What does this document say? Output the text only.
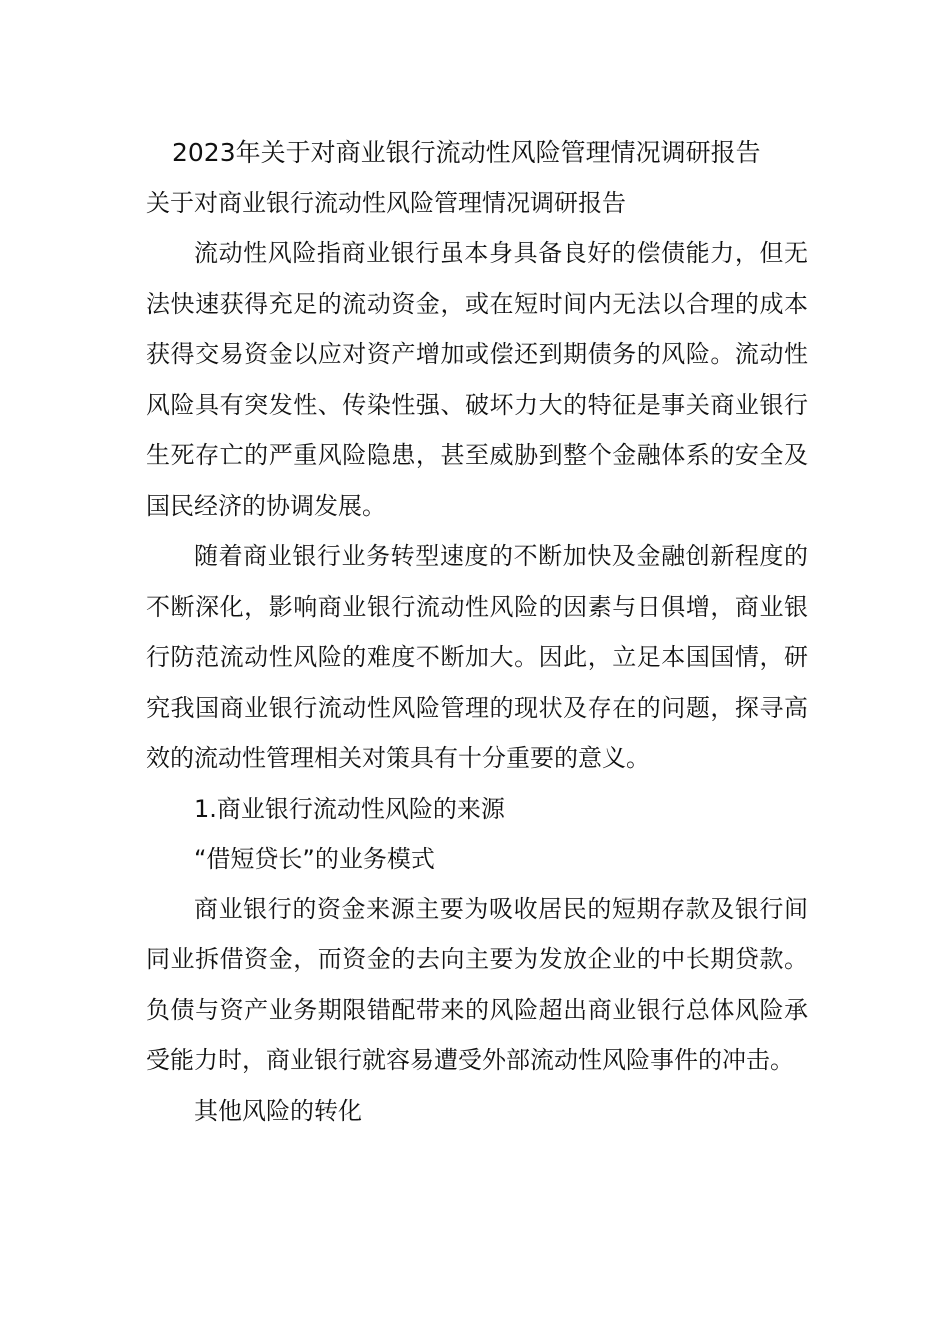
2023年关于对商业银行流动性风险管理情况调研报告

关于对商业银行流动性风险管理情况调研报告

流动性风险指商业银行虽本身具备良好的偿债能力，但无法快速获得充足的流动资金，或在短时间内无法以合理的成本获得交易资金以应对资产增加或偿还到期债务的风险。流动性风险具有突发性、传染性强、破坏力大的特征是事关商业银行生死存亡的严重风险隐患，甚至威胁到整个金融体系的安全及国民经济的协调发展。

随着商业银行业务转型速度的不断加快及金融创新程度的不断深化，影响商业银行流动性风险的因素与日俱增，商业银行防范流动性风险的难度不断加大。因此，立足本国国情，研究我国商业银行流动性风险管理的现状及存在的问题，探寻高效的流动性管理相关对策具有十分重要的意义。

1.商业银行流动性风险的来源

“借短贷长”的业务模式

商业银行的资金来源主要为吸收居民的短期存款及银行间同业拆借资金，而资金的去向主要为发放企业的中长期贷款。负债与资产业务期限错配带来的风险超出商业银行总体风险承受能力时，商业银行就容易遭受外部流动性风险事件的冲击。

其他风险的转化
